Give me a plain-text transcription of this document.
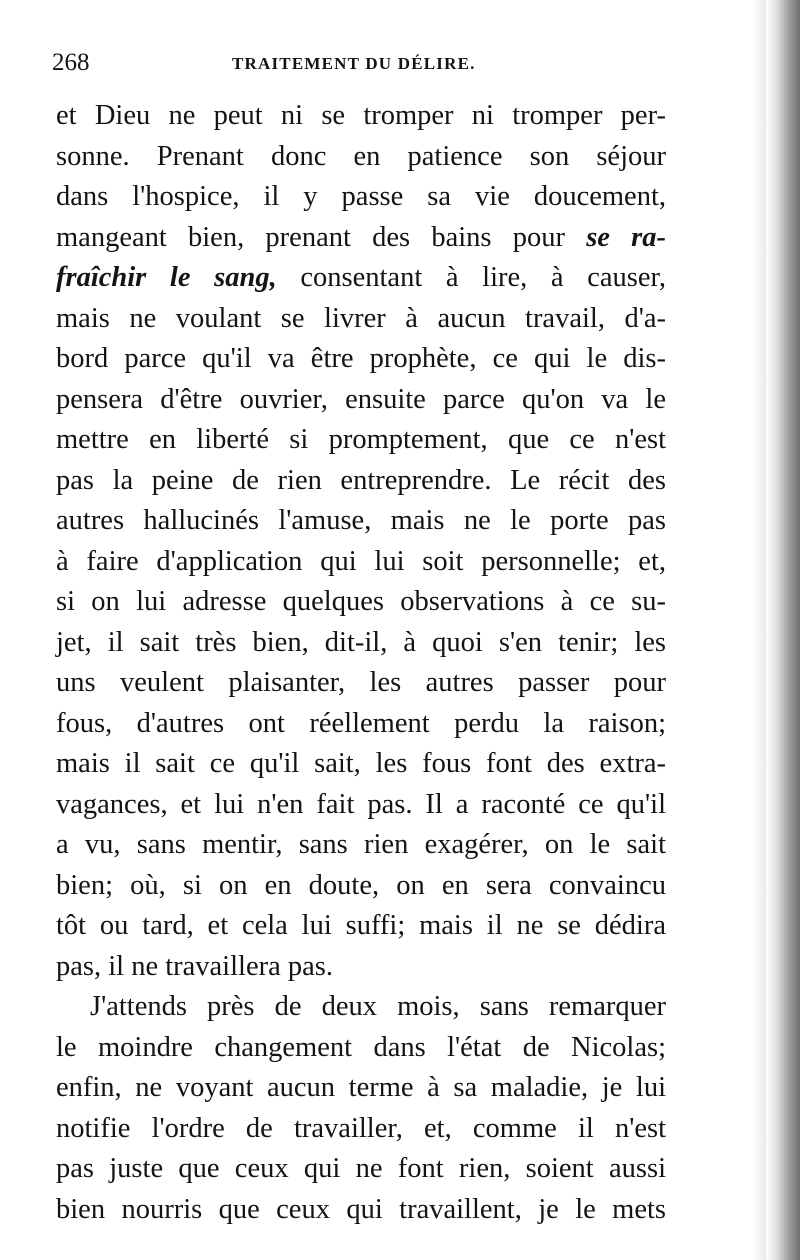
268	TRAITEMENT DU DÉLIRE.
et Dieu ne peut ni se tromper ni tromper per-
sonne. Prenant donc en patience son séjour
dans l'hospice, il y passe sa vie doucement,
mangeant bien, prenant des bains pour se ra-
fraîchir le sang, consentant à lire, à causer,
mais ne voulant se livrer à aucun travail, d'a-
bord parce qu'il va être prophète, ce qui le dis-
pensera d'être ouvrier, ensuite parce qu'on va le
mettre en liberté si promptement, que ce n'est
pas la peine de rien entreprendre. Le récit des
autres hallucinés l'amuse, mais ne le porte pas
à faire d'application qui lui soit personnelle; et,
si on lui adresse quelques observations à ce su-
jet, il sait très bien, dit-il, à quoi s'en tenir; les
uns veulent plaisanter, les autres passer pour
fous, d'autres ont réellement perdu la raison;
mais il sait ce qu'il sait, les fous font des extra-
vagances, et lui n'en fait pas. Il a raconté ce qu'il
a vu, sans mentir, sans rien exagérer, on le sait
bien; où, si on en doute, on en sera convaincu
tôt ou tard, et cela lui suffi; mais il ne se dédira
pas, il ne travaillera pas.
J'attends près de deux mois, sans remarquer
le moindre changement dans l'état de Nicolas;
enfin, ne voyant aucun terme à sa maladie, je lui
notifie l'ordre de travailler, et, comme il n'est
pas juste que ceux qui ne font rien, soient aussi
bien nourris que ceux qui travaillent, je le mets
